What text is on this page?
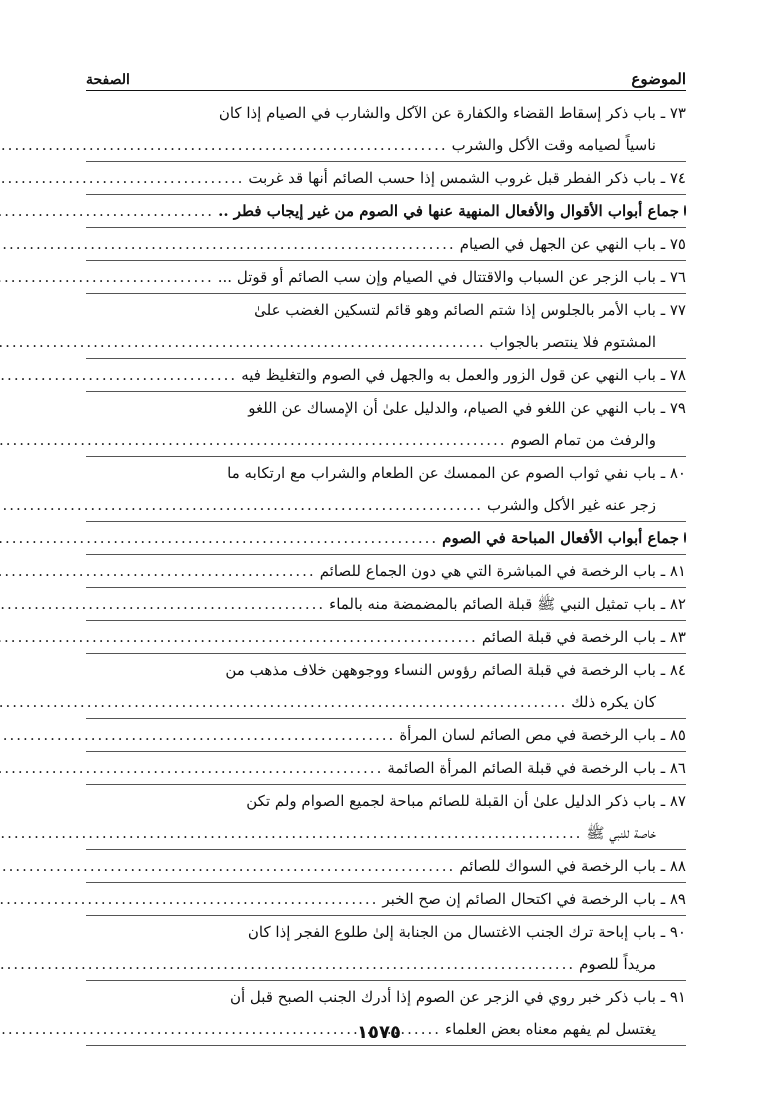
الموضوع
الصفحة
٧٣ ـ باب ذكر إسقاط القضاء والكفارة عن الآكل والشارب في الصيام إذا كان
ناسياً لصيامه وقت الأكل والشرب
.....
٧٤ ـ باب ذكر الفطر قبل غروب الشمس إذا حسب الصائم أنها قد غربت
.....
جماع أبواب الأقوال والأفعال المنهية عنها في الصوم من غير إيجاب فطر ..
.....
٧٥ ـ باب النهي عن الجهل في الصيام
.....
٧٦ ـ باب الزجر عن السباب والاقتتال في الصيام وإن سب الصائم أو قوتل ...
.....
٧٧ ـ باب الأمر بالجلوس إذا شتم الصائم وهو قائم لتسكين الغضب علىٰ
المشتوم فلا ينتصر بالجواب
.....
٧٨ ـ باب النهي عن قول الزور والعمل به والجهل في الصوم والتغليظ فيه
.....
٧٩ ـ باب النهي عن اللغو في الصيام، والدليل علىٰ أن الإمساك عن اللغو
والرفث من تمام الصوم
.....
٨٠ ـ باب نفي ثواب الصوم عن الممسك عن الطعام والشراب مع ارتكابه ما
زجر عنه غير الأكل والشرب
.....
جماع أبواب الأفعال المباحة في الصوم
.....
٨١ ـ باب الرخصة في المباشرة التي هي دون الجماع للصائم
.....
٨٢ ـ باب تمثيل النبي ﷺ قبلة الصائم بالمضمضة منه بالماء
.....
٨٣ ـ باب الرخصة في قبلة الصائم
.....
٨٤ ـ باب الرخصة في قبلة الصائم رؤوس النساء ووجوههن خلاف مذهب من
كان يكره ذلك
.....
٨٥ ـ باب الرخصة في مص الصائم لسان المرأة
.....
٨٦ ـ باب الرخصة في قبلة الصائم المرأة الصائمة
.....
٨٧ ـ باب ذكر الدليل علىٰ أن القبلة للصائم مباحة لجميع الصوام ولم تكن
خاصة للنبي ﷺ
.....
٨٨ ـ باب الرخصة في السواك للصائم
.....
٨٩ ـ باب الرخصة في اكتحال الصائم إن صح الخبر
.....
٩٠ ـ باب إباحة ترك الجنب الاغتسال من الجنابة إلىٰ طلوع الفجر إذا كان
مريداً للصوم
.....
٩١ ـ باب ذكر خبر روي في الزجر عن الصوم إذا أدرك الجنب الصبح قبل أن
يغتسل لم يفهم معناه بعض العلماء
.....
١٥٧٥
